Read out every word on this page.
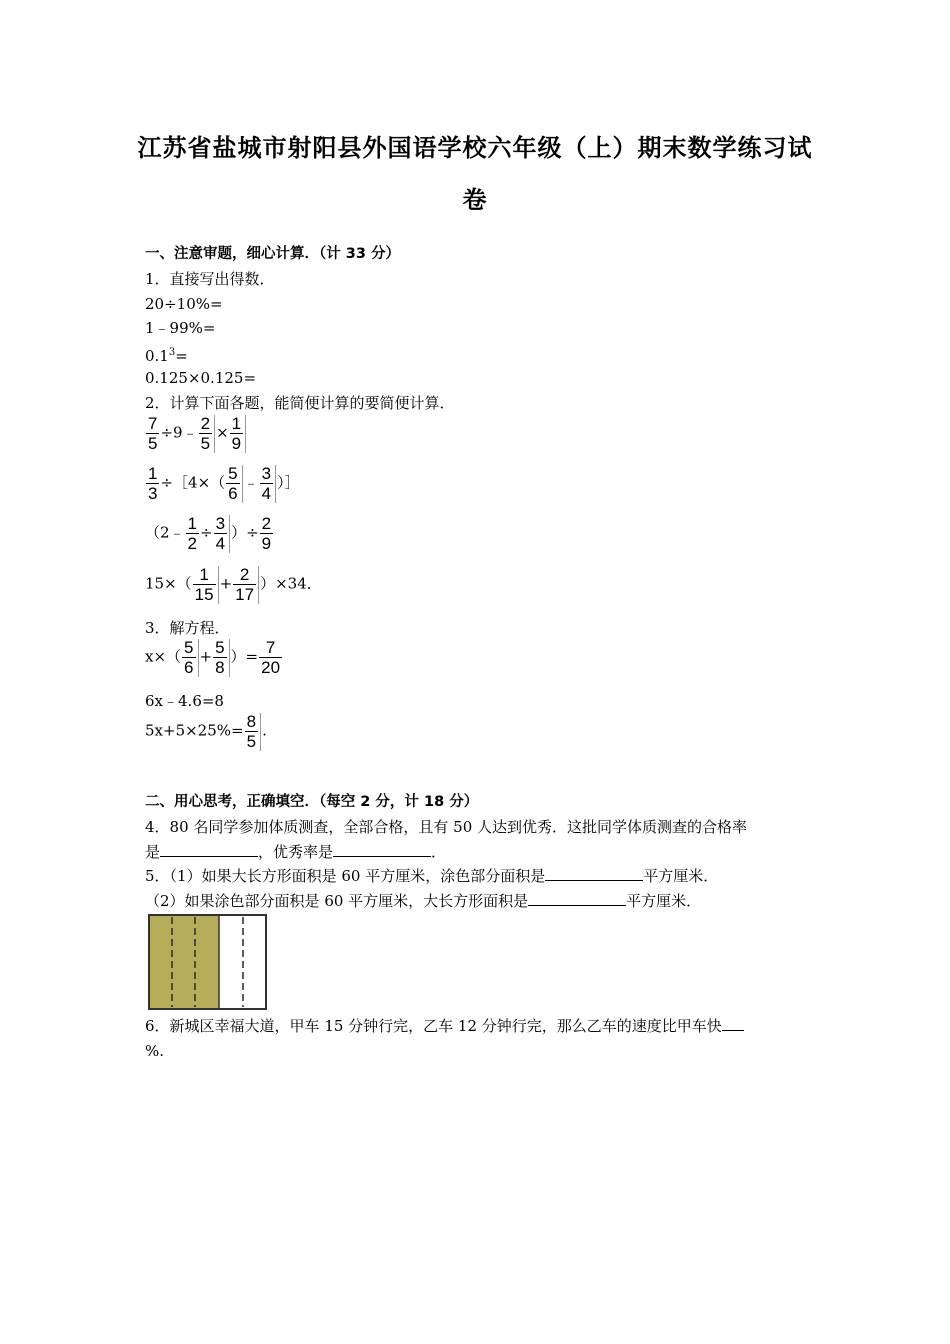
江苏省盐城市射阳县外国语学校六年级（上）期末数学练习试
卷
一、注意审题，细心计算．（计 33 分）
1．直接写出得数．
20÷10%=
1﹣99%=
$0.1^3=$
0.125×0.125=
2．计算下面各题，能简便计算的要简便计算．
$\frac{7}{5}$ ÷9﹣ $\frac{2}{5} \times \frac{1}{9}$
$\frac{1}{3}$ ÷［4×（ $\frac{5}{6}$ ﹣ $\frac{3}{4}$ ）］
（2﹣ $\frac{1}{2} \div \frac{3}{4}$ ）÷ $\frac{2}{9}$
$15\times( \frac{1}{15} + \frac{2}{17} )\times 34$．
3．解方程．
$x\times( \frac{5}{6} + \frac{5}{8}$ ）= $\frac{7}{20}$
6x﹣4.6=8
$5x+5\times 25\%= \frac{8}{5}$ .
二、用心思考，正确填空．（每空 2 分，计 18 分）
4．80 名同学参加体质测查，全部合格，且有 50 人达到优秀．这批同学体质测查的合格率
是	，优秀率是	．
5．（1）如果大长方形面积是 60 平方厘米，涂色部分面积是	平方厘米．
（2）如果涂色部分面积是 60 平方厘米，大长方形面积是	平方厘米．
6．新城区幸福大道，甲车 15 分钟行完，乙车 12 分钟行完，那么乙车的速度比甲车快
%.
